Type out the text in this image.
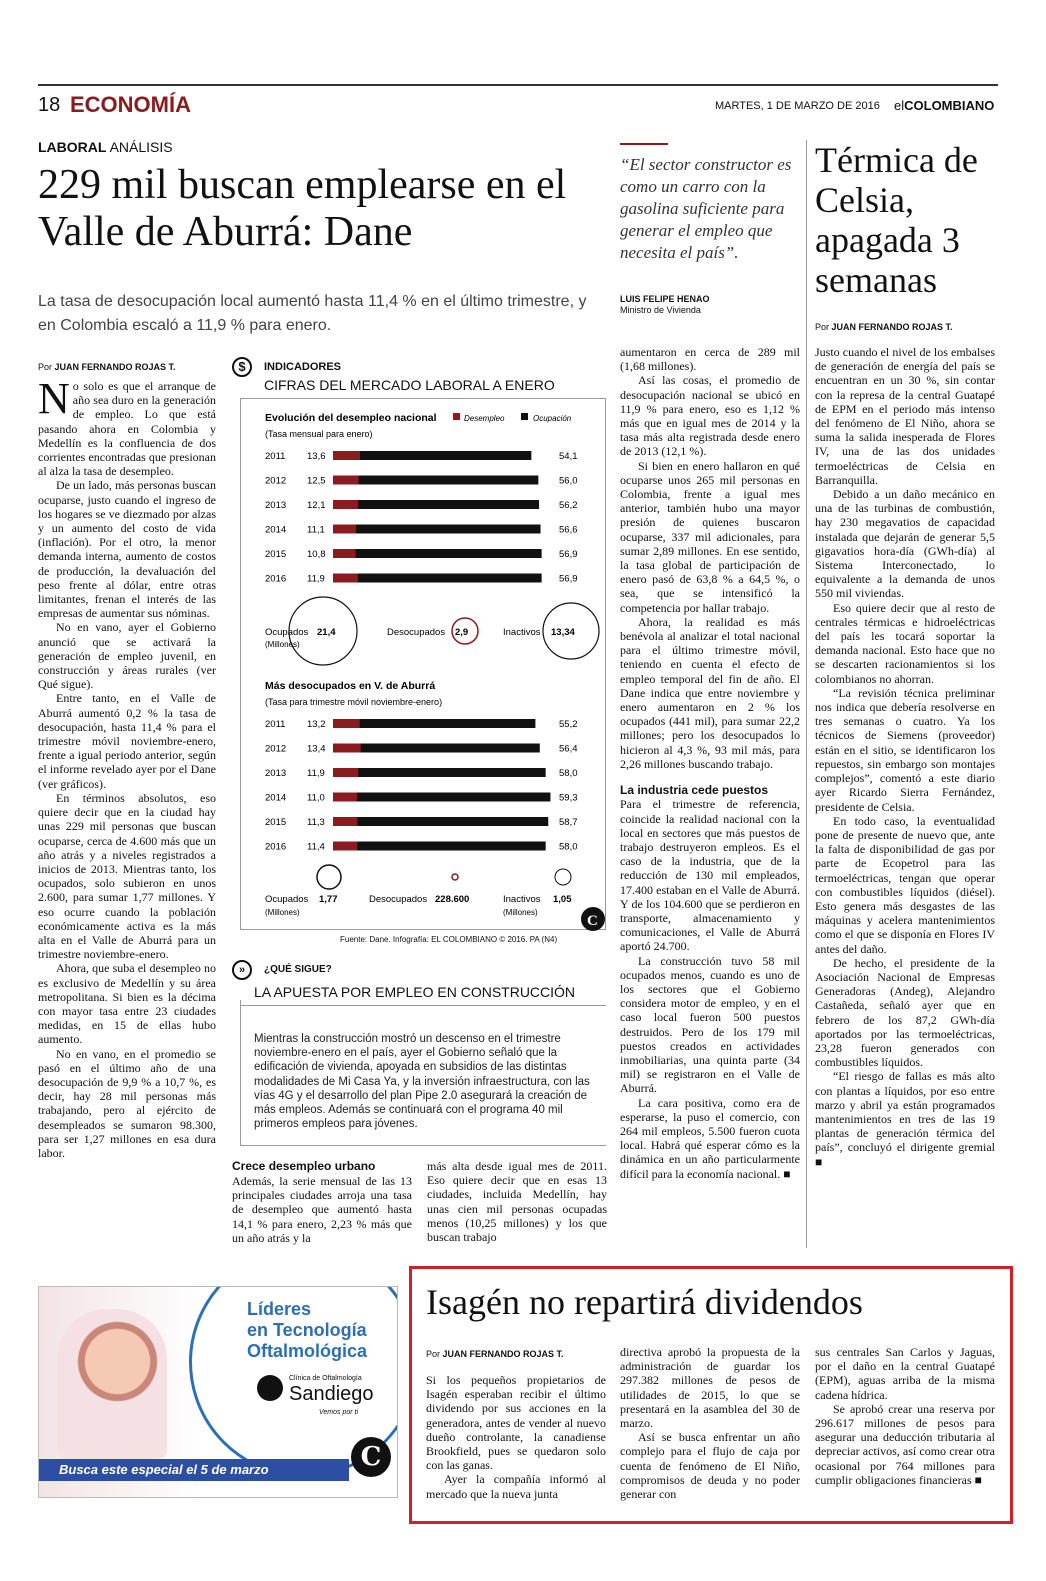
18 ECONOMÍA	MARTES, 1 DE MARZO DE 2016 elCOLOMBIANO
LABORAL ANÁLISIS
229 mil buscan emplearse en el Valle de Aburrá: Dane
La tasa de desocupación local aumentó hasta 11,4 % en el último trimestre, y en Colombia escaló a 11,9 % para enero.
Por JUAN FERNANDO ROJAS T.

No solo es que el arranque de año sea duro en la generación de empleo. Lo que está pasando ahora en Colombia y Medellín es la confluencia de dos corrientes encontradas que presionan al alza la tasa de desempleo.

De un lado, más personas buscan ocuparse, justo cuando el ingreso de los hogares se ve diezmado por alzas y un aumento del costo de vida (inflación). Por el otro, la menor demanda interna, aumento de costos de producción, la devaluación del peso frente al dólar, entre otras limitantes, frenan el interés de las empresas de aumentar sus nóminas.

No en vano, ayer el Gobierno anunció que se activará la generación de empleo juvenil, en construcción y áreas rurales (ver Qué sigue).

Entre tanto, en el Valle de Aburrá aumentó 0,2 % la tasa de desocupación, hasta 11,4 % para el trimestre móvil noviembre-enero, frente a igual periodo anterior, según el informe revelado ayer por el Dane (ver gráficos).

En términos absolutos, eso quiere decir que en la ciudad hay unas 229 mil personas que buscan ocuparse, cerca de 4.600 más que un año atrás y a niveles registrados a inicios de 2013. Mientras tanto, los ocupados, solo subieron en unos 2.600, para sumar 1,77 millones. Y eso ocurre cuando la población económicamente activa es la más alta en el Valle de Aburrá para un trimestre noviembre-enero.

Ahora, que suba el desempleo no es exclusivo de Medellín y su área metropolitana. Si bien es la décima con mayor tasa entre 23 ciudades medidas, en 15 de ellas hubo aumento.

No en vano, en el promedio se pasó en el último año de una desocupación de 9,9 % a 10,7 %, es decir, hay 28 mil personas más trabajando, pero al ejército de desempleados se sumaron 98.300, para ser 1,27 millones en esa dura labor.

$	INDICADORES
CIFRAS DEL MERCADO LABORAL A ENERO
Evolución del desempleo nacional
(Tasa mensual para enero)
Desempleo	Ocupación
2011 13,6	54,1
2012 12,5	56,0
2013 12,1	56,2
2014 11,1	56,6
2015 10,8	56,9
2016 11,9	56,9
Más desocupados en V. de Aburrá
(Tasa para trimestre móvil noviembre-enero)
2011 13,2	55,2
2012 13,4	56,4
2013 11,9	58,0
2014 11,0	59,3
2015 11,3	58,7
2016 11,4	58,0
Ocupados 21,4
(Millones)
Desocupados 2,9	Inactivos 13,34
Ocupados 1,77
(Millones)
Desocupados 228.600	Inactivos 1,05
(Millones)
C
Fuente: Dane. Infografía: EL COLOMBIANO © 2016. PA (N4)
»	¿QUÉ SIGUE?
LA APUESTA POR EMPLEO EN CONSTRUCCIÓN
Mientras la construcción mostró un descenso en el trimestre noviembre-enero en el país, ayer el Gobierno señaló que la edificación de vivienda, apoyada en subsidios de las distintas modalidades de Mi Casa Ya, y la inversión infraestructura, con las vías 4G y el desarrollo del plan Pipe 2.0 asegurará la creación de más empleos. Además se continuará con el programa 40 mil primeros empleos para jóvenes.
Crece desempleo urbano
Además, la serie mensual de las 13 principales ciudades arroja una tasa de desempleo que aumentó hasta 14,1 % para enero, 2,23 % más que un año atrás y la
más alta desde igual mes de 2011. Eso quiere decir que en esas 13 ciudades, incluida Medellín, hay unas cien mil personas ocupadas menos (10,25 millones) y los que buscan trabajo
“El sector constructor es como un carro con la gasolina suficiente para generar el empleo que necesita el país”.
LUIS FELIPE HENAO
Ministro de Vivienda

aumentaron en cerca de 289 mil (1,68 millones).

Así las cosas, el promedio de desocupación nacional se ubicó en 11,9 % para enero, eso es 1,12 % más que en igual mes de 2014 y la tasa más alta registrada desde enero de 2013 (12,1 %).

Si bien en enero hallaron en qué ocuparse unos 265 mil personas en Colombia, frente a igual mes anterior, también hubo una mayor presión de quienes buscaron ocuparse, 337 mil adicionales, para sumar 2,89 millones. En ese sentido, la tasa global de participación de enero pasó de 63,8 % a 64,5 %, o sea, que se intensificó la competencia por hallar trabajo.

Ahora, la realidad es más benévola al analizar el total nacional para el último trimestre móvil, teniendo en cuenta el efecto de empleo temporal del fin de año. El Dane indica que entre noviembre y enero aumentaron en 2 % los ocupados (441 mil), para sumar 22,2 millones; pero los desocupados lo hicieron al 4,3 %, 93 mil más, para 2,26 millones buscando trabajo.

La industria cede puestos

Para el trimestre de referencia, coincide la realidad nacional con la local en sectores que más puestos de trabajo destruyeron empleos. Es el caso de la industria, que de la reducción de 130 mil empleados, 17.400 estaban en el Valle de Aburrá. Y de los 104.600 que se perdieron en transporte, almacenamiento y comunicaciones, el Valle de Aburrá aportó 24.700.

La construcción tuvo 58 mil ocupados menos, cuando es uno de los sectores que el Gobierno considera motor de empleo, y en el caso local fueron 500 puestos destruidos. Pero de los 179 mil puestos creados en actividades inmobiliarias, una quinta parte (34 mil) se registraron en el Valle de Aburrá.

La cara positiva, como era de esperarse, la puso el comercio, con 264 mil empleos, 5.500 fueron cuota local. Habrá qué esperar cómo es la dinámica en un año particularmente difícil para la economía nacional. ■

Térmica de Celsia, apagada 3 semanas
Por JUAN FERNANDO ROJAS T.

Justo cuando el nivel de los embalses de generación de energía del país se encuentran en un 30 %, sin contar con la represa de la central Guatapé de EPM en el periodo más intenso del fenómeno de El Niño, ahora se suma la salida inesperada de Flores IV, una de las dos unidades termoeléctricas de Celsia en Barranquilla.

Debido a un daño mecánico en una de las turbinas de combustión, hay 230 megavatios de capacidad instalada que dejarán de generar 5,5 gigavatios hora-día (GWh-día) al Sistema Interconectado, lo equivalente a la demanda de unos 550 mil viviendas.

Eso quiere decir que al resto de centrales térmicas e hidroeléctricas del país les tocará soportar la demanda nacional. Esto hace que no se descarten racionamientos si los colombianos no ahorran.

“La revisión técnica preliminar nos indica que debería resolverse en tres semanas o cuatro. Ya los técnicos de Siemens (proveedor) están en el sitio, se identificaron los repuestos, sin embargo son montajes complejos”, comentó a este diario ayer Ricardo Sierra Fernández, presidente de Celsia.

En todo caso, la eventualidad pone de presente de nuevo que, ante la falta de disponibilidad de gas por parte de Ecopetrol para las termoeléctricas, tengan que operar con combustibles líquidos (diésel). Esto genera más desgastes de las máquinas y acelera mantenimientos como el que se disponía en Flores IV antes del daño.

De hecho, el presidente de la Asociación Nacional de Empresas Generadoras (Andeg), Alejandro Castañeda, señaló ayer que en febrero de los 87,2 GWh-día aportados por las termoeléctricas, 23,28 fueron generados con combustibles líquidos.

“El riesgo de fallas es más alto con plantas a líquidos, por eso entre marzo y abril ya están programados mantenimientos en tres de las 19 plantas de generación térmica del país”, concluyó el dirigente gremial ■

Líderes
en Tecnología
Oftalmológica
Clínica de Oftalmología
Sandiego
Vemos por ti
Busca este especial el 5 de marzo	C
Isagén no repartirá dividendos
Por JUAN FERNANDO ROJAS T.

Si los pequeños propietarios de Isagén esperaban recibir el último dividendo por sus acciones en la generadora, antes de vender al nuevo dueño controlante, la canadiense Brookfield, pues se quedaron solo con las ganas.

Ayer la compañía informó al mercado que la nueva junta

directiva aprobó la propuesta de la administración de guardar los 297.382 millones de pesos de utilidades de 2015, lo que se presentará en la asamblea del 30 de marzo.

Así se busca enfrentar un año complejo para el flujo de caja por cuenta de fenómeno de El Niño, compromisos de deuda y no poder generar con

sus centrales San Carlos y Jaguas, por el daño en la central Guatapé (EPM), aguas arriba de la misma cadena hídrica.

Se aprobó crear una reserva por 296.617 millones de pesos para asegurar una deducción tributaria al depreciar activos, así como crear otra ocasional por 764 millones para cumplir obligaciones financieras ■
